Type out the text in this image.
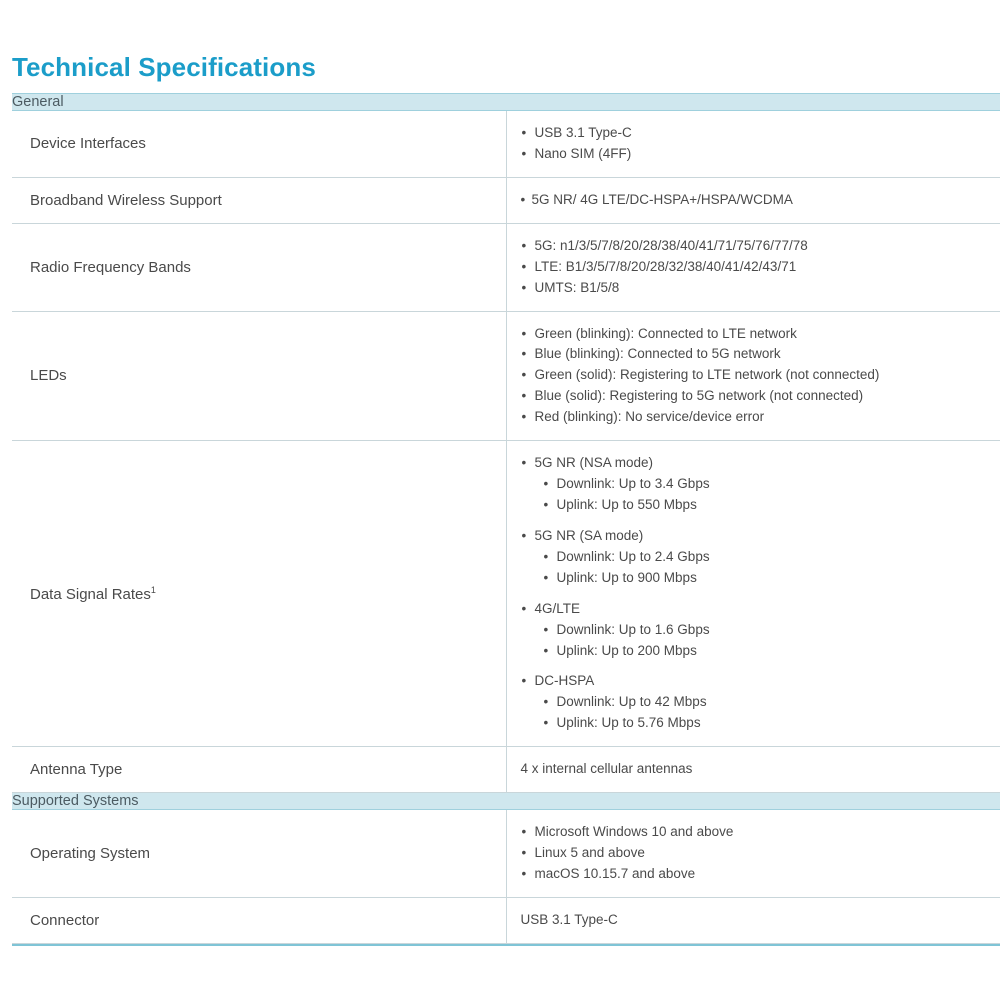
Technical Specifications
General	
Device Interfaces	
• USB 3.1 Type-C
• Nano SIM (4FF)

Broadband Wireless Support	• 5G NR/ 4G LTE/DC-HSPA+/HSPA/WCDMA

Radio Frequency Bands	
• 5G: n1/3/5/7/8/20/28/38/40/41/71/75/76/77/78
• LTE: B1/3/5/7/8/20/28/32/38/40/41/42/43/71
• UMTS: B1/5/8

LEDs	
• Green (blinking): Connected to LTE network
• Blue (blinking): Connected to 5G network
• Green (solid): Registering to LTE network (not connected)
• Blue (solid): Registering to 5G network (not connected)
• Red (blinking): No service/device error

Data Signal Rates$^1$	
• 5G NR (NSA mode)
• Downlink: Up to 3.4 Gbps
• Uplink: Up to 550 Mbps
• 5G NR (SA mode)
• Downlink: Up to 2.4 Gbps
• Uplink: Up to 900 Mbps
• 4G/LTE
• Downlink: Up to 1.6 Gbps
• Uplink: Up to 200 Mbps
• DC-HSPA
• Downlink: Up to 42 Mbps
• Uplink: Up to 5.76 Mbps

Antenna Type	4 x internal cellular antennas

Supported Systems	
Operating System	
• Microsoft Windows 10 and above
• Linux 5 and above
• macOS 10.15.7 and above

Connector	USB 3.1 Type-C
